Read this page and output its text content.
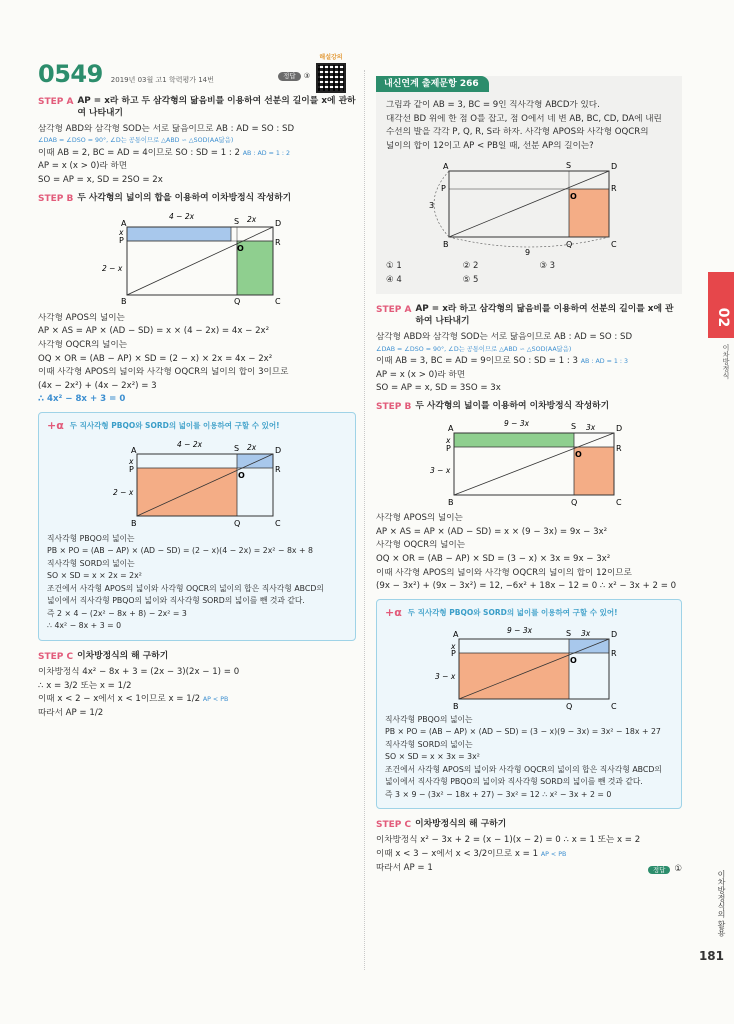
0549 2019년 03월 고1 학력평가 14번	정답	③
해설강의
STEP A AP = x라 하고 두 삼각형의 닮음비를 이용하여 선분의 길이를 x에 관하여 나타내기
삼각형 ABD와 삼각형 SOD는 서로 닮음이므로 AB : AD = SO : SD
∠DAB = ∠DSO = 90°, ∠D는 공통이므로 △ABD ∽ △SOD(AA닮음)
이때 AB = 2, BC = AD = 4이므로 SO : SD = 1 : 2 AB : AD = 1 : 2
AP = x (x > 0)라 하면
SO = AP = x, SD = 2SO = 2x
STEP B 두 사각형의 넓이의 합을 이용하여 이차방정식 작성하기
A	S	D
P
O
R
B	Q	C
4 − 2x	2x
2 − x
x
사각형 APOS의 넓이는
AP × AS = AP × (AD − SD) = x × (4 − 2x) = 4x − 2x²
사각형 OQCR의 넓이는
OQ × OR = (AB − AP) × SD = (2 − x) × 2x = 4x − 2x²
이때 사각형 APOS의 넓이와 사각형 OQCR의 넓이의 합이 3이므로
(4x − 2x²) + (4x − 2x²) = 3
∴ 4x² − 8x + 3 = 0
+α 두 직사각형 PBQO와 SORD의 넓이를 이용하여 구할 수 있어!
4 − 2x	2x
2 − x
x
A	S	D
P
O
R
B	Q	C
직사각형 PBQO의 넓이는
PB × PO = (AB − AP) × (AD − SD) = (2 − x)(4 − 2x) = 2x² − 8x + 8
직사각형 SORD의 넓이는
SO × SD = x × 2x = 2x²
조건에서 사각형 APOS의 넓이와 사각형 OQCR의 넓이의 합은 직사각형 ABCD의
넓이에서 직사각형 PBQO의 넓이와 직사각형 SORD의 넓이를 뺀 것과 같다.
즉 2 × 4 − (2x² − 8x + 8) − 2x² = 3
∴ 4x² − 8x + 3 = 0
STEP C 이차방정식의 해 구하기
이차방정식 4x² − 8x + 3 = (2x − 3)(2x − 1) = 0
∴ x = 3/2 또는 x = 1/2
이때 x < 2 − x에서 x < 1이므로 x = 1/2 AP < PB
따라서 AP = 1/2
내신연계 출제문항 266
그림과 같이 AB = 3, BC = 9인 직사각형 ABCD가 있다.
대각선 BD 위에 한 점 O를 잡고, 점 O에서 네 변 AB, BC, CD, DA에 내린
수선의 발을 각각 P, Q, R, S라 하자. 사각형 APOS와 사각형 OQCR의
넓이의 합이 12이고 AP < PB일 때, 선분 AP의 길이는?
A	S	D
P
O
R
B	Q	C
3
9
① 1	② 2	③ 3
④ 4	⑤ 5
STEP A AP = x라 하고 삼각형의 닮음비를 이용하여 선분의 길이를 x에 관하여 나타내기
삼각형 ABD와 삼각형 SOD는 서로 닮음이므로 AB : AD = SO : SD
∠DAB = ∠DSO = 90°, ∠D는 공통이므로 △ABD ∽ △SOD(AA닮음)
이때 AB = 3, BC = AD = 9이므로 SO : SD = 1 : 3 AB : AD = 1 : 3
AP = x (x > 0)라 하면
SO = AP = x, SD = 3SO = 3x
STEP B 두 사각형의 넓이를 이용하여 이차방정식 작성하기
9 − 3x	3x
3 − x
x
A	S	D
P
O
R
B	Q	C
사각형 APOS의 넓이는
AP × AS = AP × (AD − SD) = x × (9 − 3x) = 9x − 3x²
사각형 OQCR의 넓이는
OQ × OR = (AB − AP) × SD = (3 − x) × 3x = 9x − 3x²
이때 사각형 APOS의 넓이와 사각형 OQCR의 넓이의 합이 12이므로
(9x − 3x²) + (9x − 3x²) = 12, −6x² + 18x − 12 = 0 ∴ x² − 3x + 2 = 0
+α 두 직사각형 PBQO와 SORD의 넓이를 이용하여 구할 수 있어!
9 − 3x	3x
3 − x
x
A	S	D
P
O
R
B	Q	C
직사각형 PBQO의 넓이는
PB × PO = (AB − AP) × (AD − SD) = (3 − x)(9 − 3x) = 3x² − 18x + 27
직사각형 SORD의 넓이는
SO × SD = x × 3x = 3x²
조건에서 사각형 APOS의 넓이와 사각형 OQCR의 넓이의 합은 직사각형 ABCD의
넓이에서 직사각형 PBQO의 넓이와 직사각형 SORD의 넓이를 뺀 것과 같다.
즉 3 × 9 − (3x² − 18x + 27) − 3x² = 12 ∴ x² − 3x + 2 = 0
STEP C 이차방정식의 해 구하기
이차방정식 x² − 3x + 2 = (x − 1)(x − 2) = 0 ∴ x = 1 또는 x = 2
이때 x < 3 − x에서 x < 3/2이므로 x = 1 AP < PB
따라서 AP = 1	정답	①
02
이차방정식
이차방정식의 활용
181
